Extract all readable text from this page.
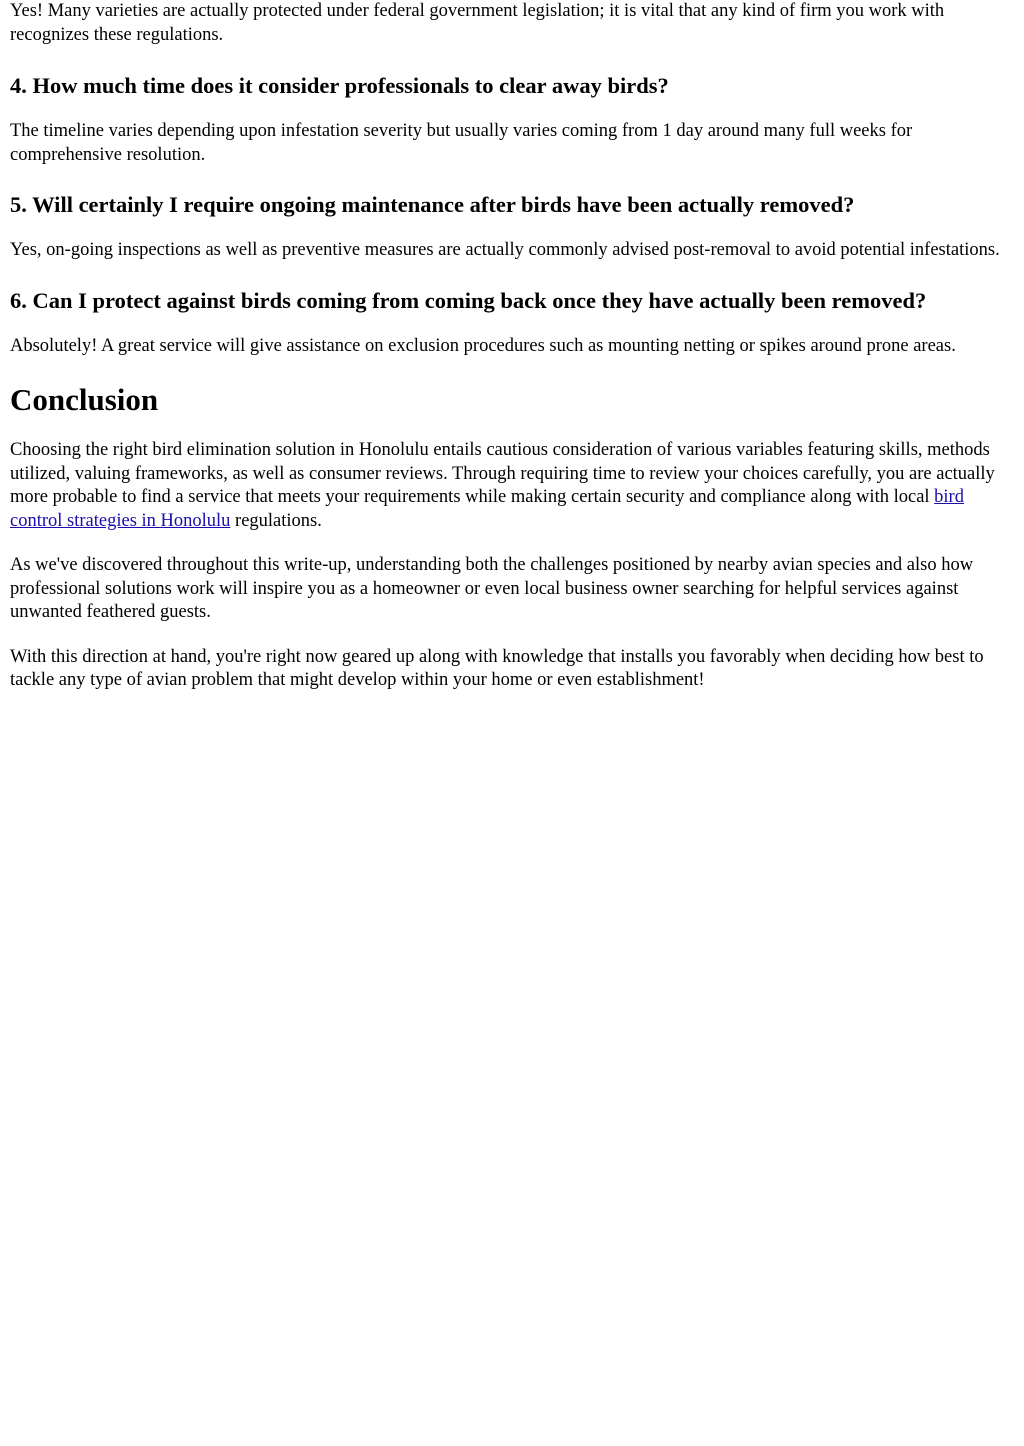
Yes! Many varieties are actually protected under federal government legislation; it is vital that any kind of firm you work with recognizes these regulations.

4. How much time does it consider professionals to clear away birds?

The timeline varies depending upon infestation severity but usually varies coming from 1 day around many full weeks for comprehensive resolution.

5. Will certainly I require ongoing maintenance after birds have been actually removed?

Yes, on-going inspections as well as preventive measures are actually commonly advised post-removal to avoid potential infestations.

6. Can I protect against birds coming from coming back once they have actually been removed?

Absolutely! A great service will give assistance on exclusion procedures such as mounting netting or spikes around prone areas.

Conclusion

Choosing the right bird elimination solution in Honolulu entails cautious consideration of various variables featuring skills, methods utilized, valuing frameworks, as well as consumer reviews. Through requiring time to review your choices carefully, you are actually more probable to find a service that meets your requirements while making certain security and compliance along with local bird control strategies in Honolulu regulations.

As we've discovered throughout this write-up, understanding both the challenges positioned by nearby avian species and also how professional solutions work will inspire you as a homeowner or even local business owner searching for helpful services against unwanted feathered guests.

With this direction at hand, you're right now geared up along with knowledge that installs you favorably when deciding how best to tackle any type of avian problem that might develop within your home or even establishment!
